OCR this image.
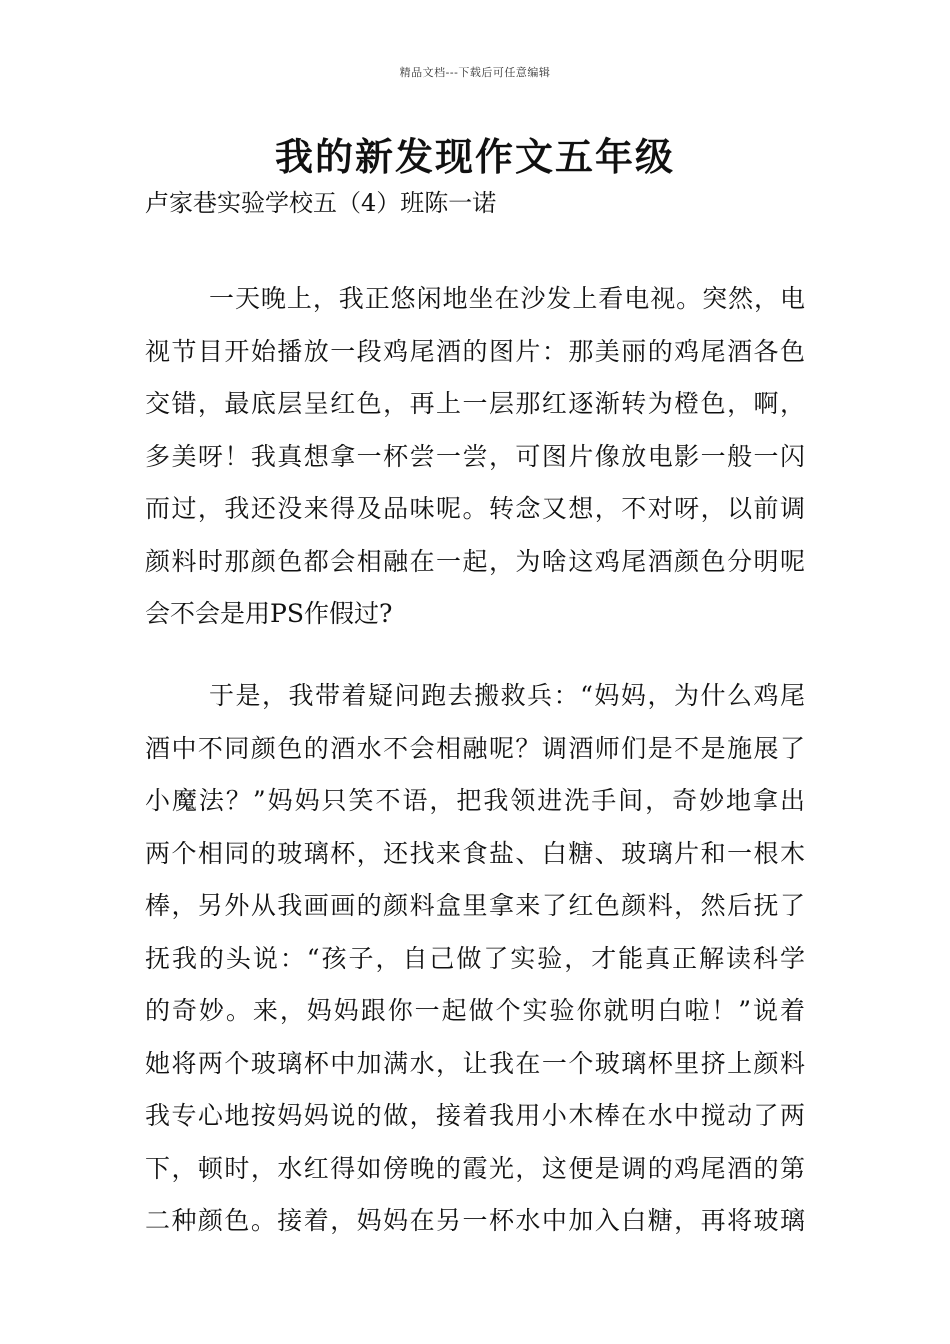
精品文档---下载后可任意编辑
我的新发现作文五年级
卢家巷实验学校五（4）班陈一诺
一天晚上，我正悠闲地坐在沙发上看电视。突然，电
视节目开始播放一段鸡尾酒的图片：那美丽的鸡尾酒各色
交错，最底层呈红色，再上一层那红逐渐转为橙色，啊，
多美呀！我真想拿一杯尝一尝，可图片像放电影一般一闪
而过，我还没来得及品味呢。转念又想，不对呀，以前调
颜料时那颜色都会相融在一起，为啥这鸡尾酒颜色分明呢
会不会是用PS作假过?
于是，我带着疑问跑去搬救兵：“妈妈，为什么鸡尾
酒中不同颜色的酒水不会相融呢？调酒师们是不是施展了
小魔法？”妈妈只笑不语，把我领进洗手间，奇妙地拿出
两个相同的玻璃杯，还找来食盐、白糖、玻璃片和一根木
棒，另外从我画画的颜料盒里拿来了红色颜料，然后抚了
抚我的头说：“孩子，自己做了实验，才能真正解读科学
的奇妙。来，妈妈跟你一起做个实验你就明白啦！”说着
她将两个玻璃杯中加满水，让我在一个玻璃杯里挤上颜料
我专心地按妈妈说的做，接着我用小木棒在水中搅动了两
下，顿时，水红得如傍晚的霞光，这便是调的鸡尾酒的第
二种颜色。接着，妈妈在另一杯水中加入白糖，再将玻璃
